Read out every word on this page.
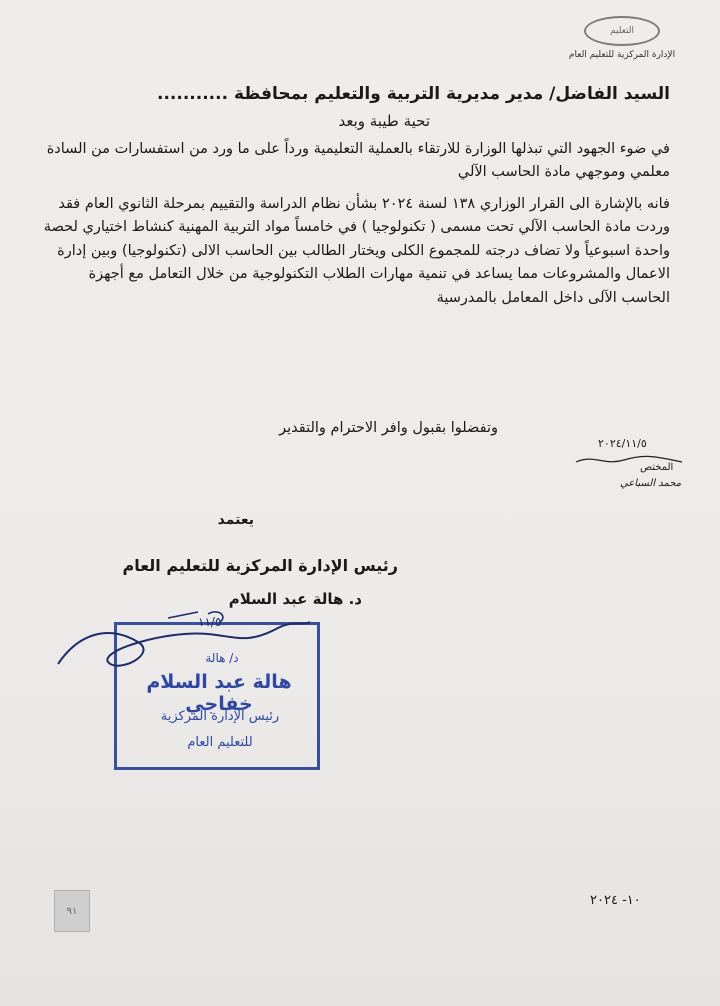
التعليم
الإدارة المركزية للتعليم العام
السيد الفاضل/ مدير مديرية التربية والتعليم بمحافظة ...........
تحية طيبة وبعد

في ضوء الجهود التي تبذلها الوزارة للارتقاء بالعملية التعليمية ورداً على ما ورد من استفسارات من السادة معلمي وموجهي مادة الحاسب الآلي

فانه بالإشارة الى القرار الوزاري ١٣٨ لسنة ٢٠٢٤ بشأن نظام الدراسة والتقييم بمرحلة الثانوي العام فقد وردت مادة الحاسب الآلي تحت مسمى ( تكنولوجيا ) في خامساً مواد التربية المهنية كنشاط اختياري لحصة واحدة اسبوعياً ولا تضاف درجته للمجموع الكلى ويختار الطالب بين الحاسب الالى (تكنولوجيا) وبين إدارة الاعمال والمشروعات مما يساعد في تنمية مهارات الطلاب التكنولوجية من خلال التعامل مع أجهزة الحاسب الآلى داخل المعامل بالمدرسية

وتفضلوا بقبول وافر الاحترام والتقدير
٢٠٢٤/١١/٥
المختص
محمد السباعي
يعتمد
رئيس الإدارة المركزية للتعليم العام
د. هالة عبد السلام
د/ هالة
هالة عبد السلام خفاجي
رئيس الإدارة المركزية
للتعليم العام
١١/٥
١٠- ٢٠٢٤
٩١
